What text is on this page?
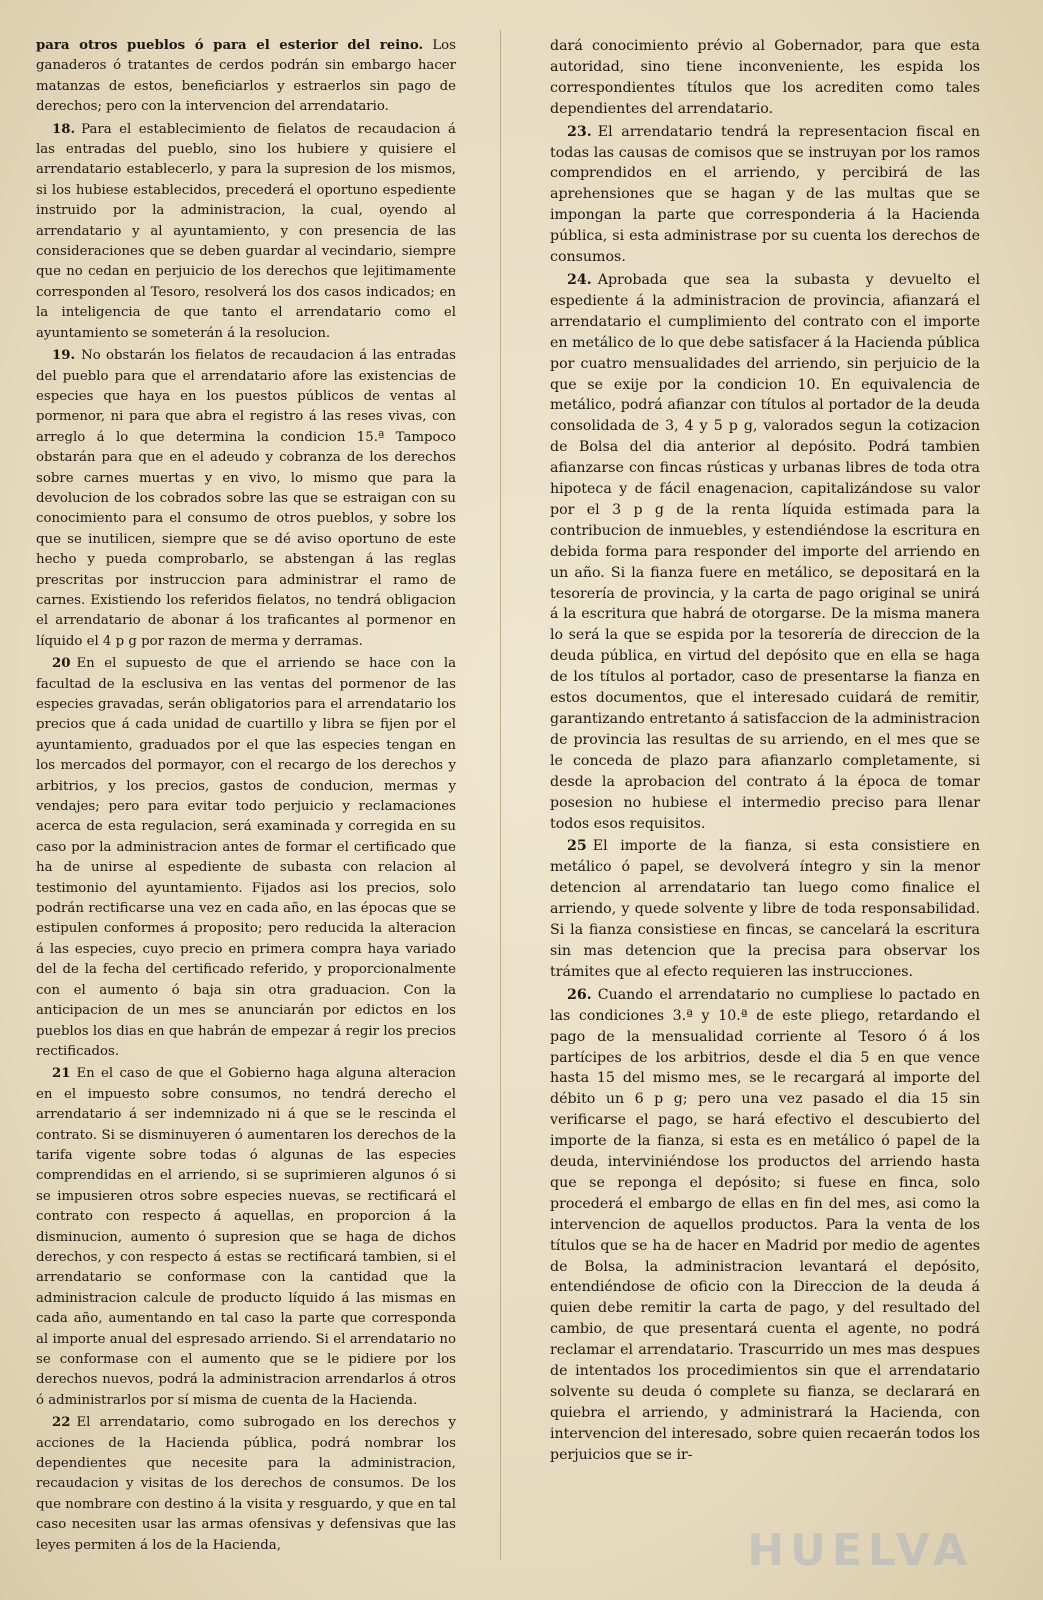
para otros pueblos ó para el esterior del reino. Los ganaderos ó tratantes de cerdos podrán sin embargo hacer matanzas de estos, beneficiarlos y estraerlos sin pago de derechos; pero con la intervencion del arrendatario.

18. Para el establecimiento de fielatos de recaudacion á las entradas del pueblo, sino los hubiere y quisiere el arrendatario establecerlo, y para la supresion de los mismos, si los hubiese establecidos, precederá el oportuno espediente instruido por la administracion, la cual, oyendo al arrendatario y al ayuntamiento, y con presencia de las consideraciones que se deben guardar al vecindario, siempre que no cedan en perjuicio de los derechos que lejitimamente corresponden al Tesoro, resolverá los dos casos indicados; en la inteligencia de que tanto el arrendatario como el ayuntamiento se someterán á la resolucion.

19. No obstarán los fielatos de recaudacion á las entradas del pueblo para que el arrendatario afore las existencias de especies que haya en los puestos públicos de ventas al pormenor, ni para que abra el registro á las reses vivas, con arreglo á lo que determina la condicion 15.ª Tampoco obstarán para que en el adeudo y cobranza de los derechos sobre carnes muertas y en vivo, lo mismo que para la devolucion de los cobrados sobre las que se estraigan con su conocimiento para el consumo de otros pueblos, y sobre los que se inutilicen, siempre que se dé aviso oportuno de este hecho y pueda comprobarlo, se abstengan á las reglas prescritas por instruccion para administrar el ramo de carnes. Existiendo los referidos fielatos, no tendrá obligacion el arrendatario de abonar á los traficantes al pormenor en líquido el 4 p g por razon de merma y derramas.

20 En el supuesto de que el arriendo se hace con la facultad de la esclusiva en las ventas del pormenor de las especies gravadas, serán obligatorios para el arrendatario los precios que á cada unidad de cuartillo y libra se fijen por el ayuntamiento, graduados por el que las especies tengan en los mercados del pormayor, con el recargo de los derechos y arbitrios, y los precios, gastos de conducion, mermas y vendajes; pero para evitar todo perjuicio y reclamaciones acerca de esta regulacion, será examinada y corregida en su caso por la administracion antes de formar el certificado que ha de unirse al espediente de subasta con relacion al testimonio del ayuntamiento. Fijados asi los precios, solo podrán rectificarse una vez en cada año, en las épocas que se estipulen conformes á proposito; pero reducida la alteracion á las especies, cuyo precio en primera compra haya variado del de la fecha del certificado referido, y proporcionalmente con el aumento ó baja sin otra graduacion. Con la anticipacion de un mes se anunciarán por edictos en los pueblos los dias en que habrán de empezar á regir los precios rectificados.

21 En el caso de que el Gobierno haga alguna alteracion en el impuesto sobre consumos, no tendrá derecho el arrendatario á ser indemnizado ni á que se le rescinda el contrato. Si se disminuyeren ó aumentaren los derechos de la tarifa vigente sobre todas ó algunas de las especies comprendidas en el arriendo, si se suprimieren algunos ó si se impusieren otros sobre especies nuevas, se rectificará el contrato con respecto á aquellas, en proporcion á la disminucion, aumento ó supresion que se haga de dichos derechos, y con respecto á estas se rectificará tambien, si el arrendatario se conformase con la cantidad que la administracion calcule de producto líquido á las mismas en cada año, aumentando en tal caso la parte que corresponda al importe anual del espresado arriendo. Si el arrendatario no se conformase con el aumento que se le pidiere por los derechos nuevos, podrá la administracion arrendarlos á otros ó administrarlos por sí misma de cuenta de la Hacienda.

22 El arrendatario, como subrogado en los derechos y acciones de la Hacienda pública, podrá nombrar los dependientes que necesite para la administracion, recaudacion y visitas de los derechos de consumos. De los que nombrare con destino á la visita y resguardo, y que en tal caso necesiten usar las armas ofensivas y defensivas que las leyes permiten á los de la Hacienda,

dará conocimiento prévio al Gobernador, para que esta autoridad, sino tiene inconveniente, les espida los correspondientes títulos que los acrediten como tales dependientes del arrendatario.

23. El arrendatario tendrá la representacion fiscal en todas las causas de comisos que se instruyan por los ramos comprendidos en el arriendo, y percibirá de las aprehensiones que se hagan y de las multas que se impongan la parte que corresponderia á la Hacienda pública, si esta administrase por su cuenta los derechos de consumos.

24. Aprobada que sea la subasta y devuelto el espediente á la administracion de provincia, afianzará el arrendatario el cumplimiento del contrato con el importe en metálico de lo que debe satisfacer á la Hacienda pública por cuatro mensualidades del arriendo, sin perjuicio de la que se exije por la condicion 10. En equivalencia de metálico, podrá afianzar con títulos al portador de la deuda consolidada de 3, 4 y 5 p g, valorados segun la cotizacion de Bolsa del dia anterior al depósito. Podrá tambien afianzarse con fincas rústicas y urbanas libres de toda otra hipoteca y de fácil enagenacion, capitalizándose su valor por el 3 p g de la renta líquida estimada para la contribucion de inmuebles, y estendiéndose la escritura en debida forma para responder del importe del arriendo en un año. Si la fianza fuere en metálico, se depositará en la tesorería de provincia, y la carta de pago original se unirá á la escritura que habrá de otorgarse. De la misma manera lo será la que se espida por la tesorería de direccion de la deuda pública, en virtud del depósito que en ella se haga de los títulos al portador, caso de presentarse la fianza en estos documentos, que el interesado cuidará de remitir, garantizando entretanto á satisfaccion de la administracion de provincia las resultas de su arriendo, en el mes que se le conceda de plazo para afianzarlo completamente, si desde la aprobacion del contrato á la época de tomar posesion no hubiese el intermedio preciso para llenar todos esos requisitos.

25 El importe de la fianza, si esta consistiere en metálico ó papel, se devolverá íntegro y sin la menor detencion al arrendatario tan luego como finalice el arriendo, y quede solvente y libre de toda responsabilidad. Si la fianza consistiese en fincas, se cancelará la escritura sin mas detencion que la precisa para observar los trámites que al efecto requieren las instrucciones.

26. Cuando el arrendatario no cumpliese lo pactado en las condiciones 3.ª y 10.ª de este pliego, retardando el pago de la mensualidad corriente al Tesoro ó á los partícipes de los arbitrios, desde el dia 5 en que vence hasta 15 del mismo mes, se le recargará al importe del débito un 6 p g; pero una vez pasado el dia 15 sin verificarse el pago, se hará efectivo el descubierto del importe de la fianza, si esta es en metálico ó papel de la deuda, interviniéndose los productos del arriendo hasta que se reponga el depósito; si fuese en finca, solo procederá el embargo de ellas en fin del mes, asi como la intervencion de aquellos productos. Para la venta de los títulos que se ha de hacer en Madrid por medio de agentes de Bolsa, la administracion levantará el depósito, entendiéndose de oficio con la Direccion de la deuda á quien debe remitir la carta de pago, y del resultado del cambio, de que presentará cuenta el agente, no podrá reclamar el arrendatario. Trascurrido un mes mas despues de intentados los procedimientos sin que el arrendatario solvente su deuda ó complete su fianza, se declarará en quiebra el arriendo, y administrará la Hacienda, con intervencion del interesado, sobre quien recaerán todos los perjuicios que se ir-

HUELVA
